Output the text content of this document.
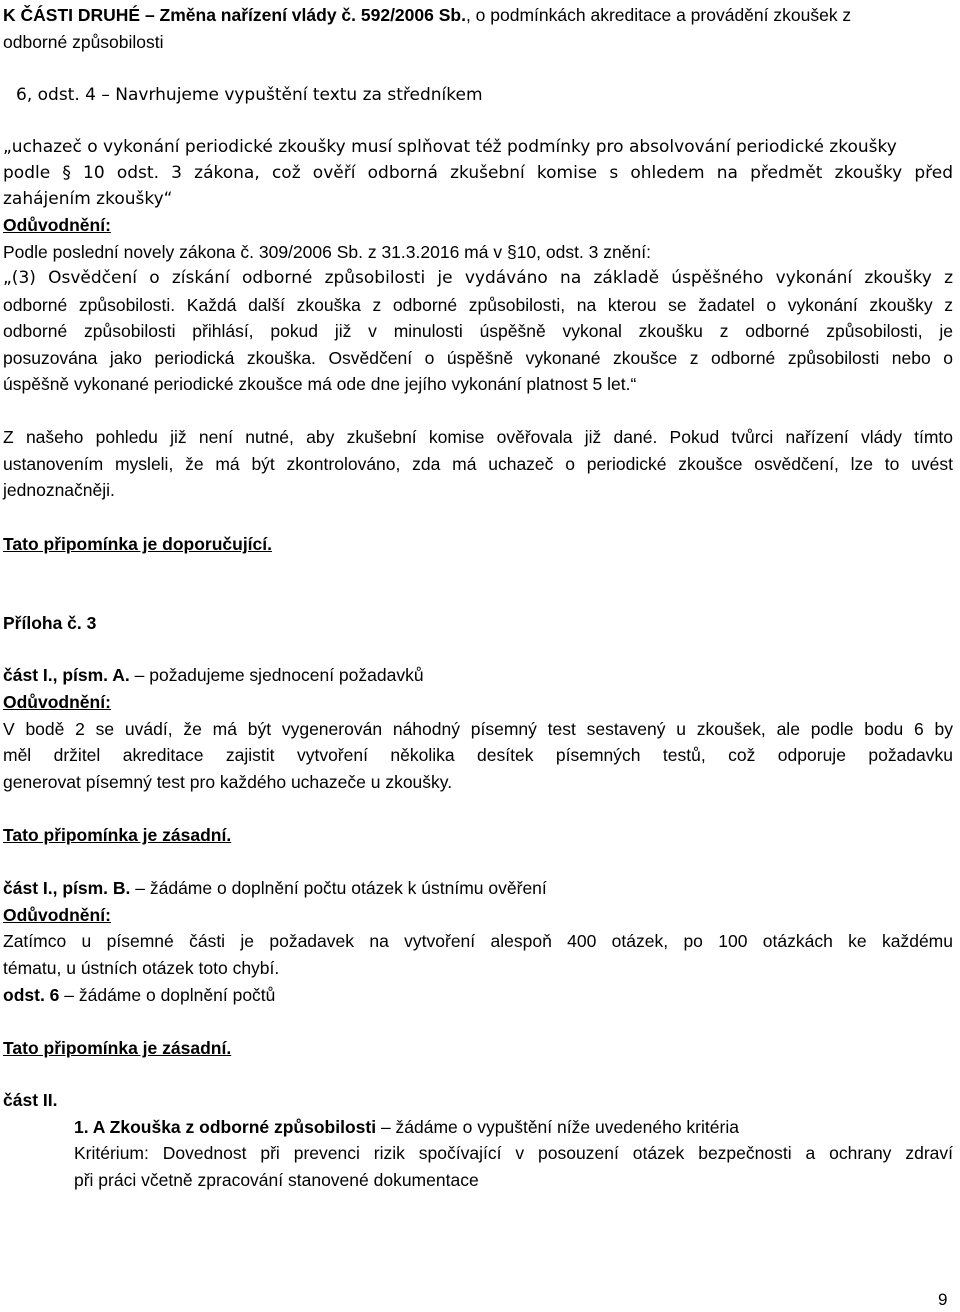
K ČÁSTI DRUHÉ – Změna nařízení vlády č. 592/2006 Sb., o podmínkách akreditace a provádění zkoušek z
odborné způsobilosti
6, odst. 4 – Navrhujeme vypuštění textu za středníkem
„uchazeč o vykonání periodické zkoušky musí splňovat též podmínky pro absolvování periodické zkoušky
podle § 10 odst. 3 zákona, což ověří odborná zkušební komise s ohledem na předmět zkoušky před
zahájením zkoušky“
Odůvodnění:
Podle poslední novely zákona č. 309/2006 Sb. z 31.3.2016 má v §10, odst. 3 znění:
„(3) Osvědčení o získání odborné způsobilosti je vydáváno na základě úspěšného vykonání zkoušky z
odborné způsobilosti. Každá další zkouška z odborné způsobilosti, na kterou se žadatel o vykonání zkoušky z
odborné způsobilosti přihlásí, pokud již v minulosti úspěšně vykonal zkoušku z odborné způsobilosti, je
posuzována jako periodická zkouška. Osvědčení o úspěšně vykonané zkoušce z odborné způsobilosti nebo o
úspěšně vykonané periodické zkoušce má ode dne jejího vykonání platnost 5 let.“
Z našeho pohledu již není nutné, aby zkušební komise ověřovala již dané. Pokud tvůrci nařízení vlády tímto
ustanovením mysleli, že má být zkontrolováno, zda má uchazeč o periodické zkoušce osvědčení, lze to uvést
jednoznačněji.
Tato připomínka je doporučující.
Příloha č. 3
část I., písm. A. – požadujeme sjednocení požadavků
Odůvodnění:
V bodě 2 se uvádí, že má být vygenerován náhodný písemný test sestavený u zkoušek, ale podle bodu 6 by
měl držitel akreditace zajistit vytvoření několika desítek písemných testů, což odporuje požadavku
generovat písemný test pro každého uchazeče u zkoušky.
Tato připomínka je zásadní.
část I., písm. B. – žádáme o doplnění počtu otázek k ústnímu ověření
Odůvodnění:
Zatímco u písemné části je požadavek na vytvoření alespoň 400 otázek, po 100 otázkách ke každému
tématu, u ústních otázek toto chybí.
odst. 6 – žádáme o doplnění počtů
Tato připomínka je zásadní.
část II.
1. A Zkouška z odborné způsobilosti – žádáme o vypuštění níže uvedeného kritéria
Kritérium: Dovednost při prevenci rizik spočívající v posouzení otázek bezpečnosti a ochrany zdraví
při práci včetně zpracování stanovené dokumentace
9
